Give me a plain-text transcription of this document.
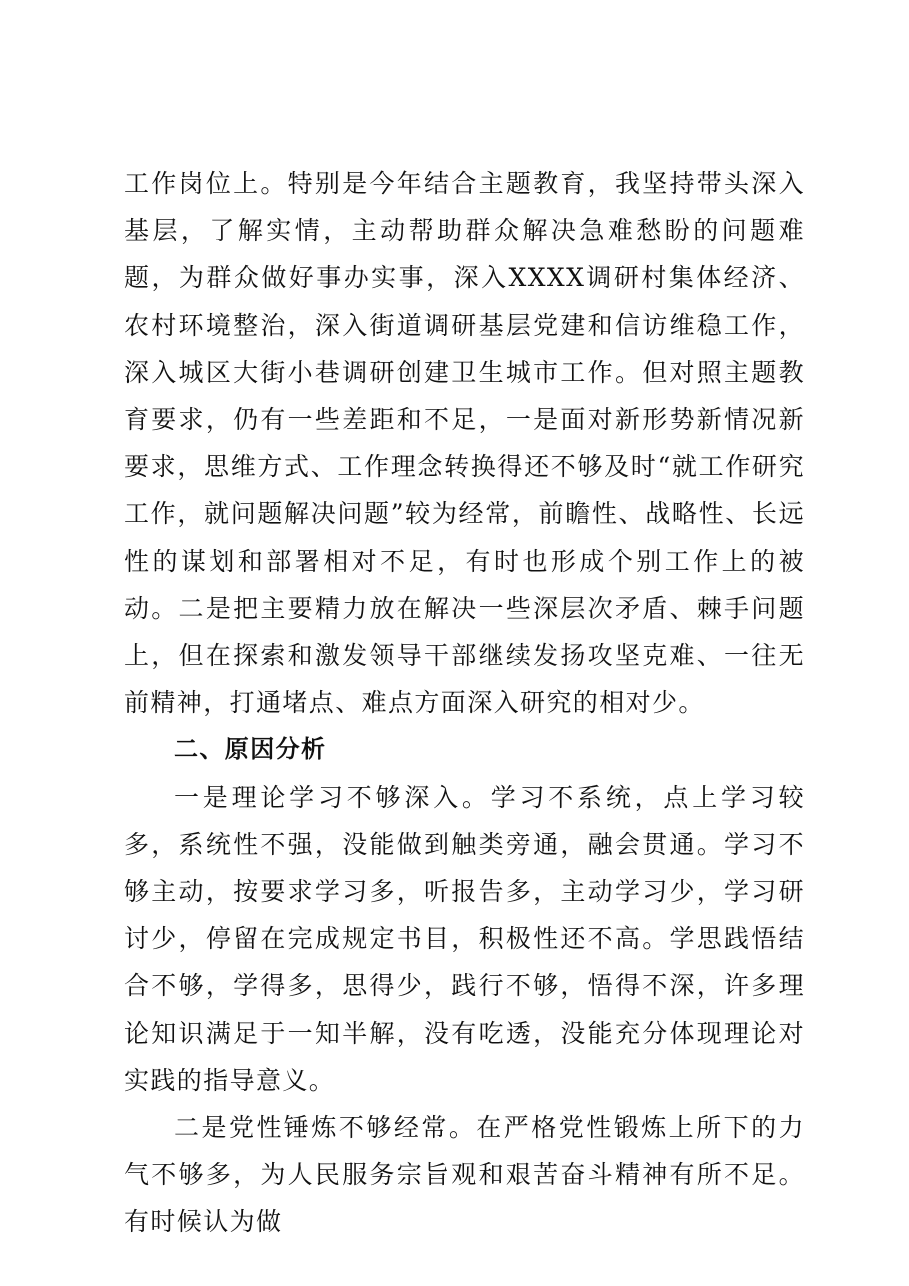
工作岗位上。特别是今年结合主题教育，我坚持带头深入基层，了解实情，主动帮助群众解决急难愁盼的问题难题，为群众做好事办实事，深入XXXX调研村集体经济、农村环境整治，深入街道调研基层党建和信访维稳工作，深入城区大街小巷调研创建卫生城市工作。但对照主题教育要求，仍有一些差距和不足，一是面对新形势新情况新要求，思维方式、工作理念转换得还不够及时“就工作研究工作，就问题解决问题”较为经常，前瞻性、战略性、长远性的谋划和部署相对不足，有时也形成个别工作上的被动。二是把主要精力放在解决一些深层次矛盾、棘手问题上，但在探索和激发领导干部继续发扬攻坚克难、一往无前精神，打通堵点、难点方面深入研究的相对少。

二、原因分析

一是理论学习不够深入。学习不系统，点上学习较多，系统性不强，没能做到触类旁通，融会贯通。学习不够主动，按要求学习多，听报告多，主动学习少，学习研讨少，停留在完成规定书目，积极性还不高。学思践悟结合不够，学得多，思得少，践行不够，悟得不深，许多理论知识满足于一知半解，没有吃透，没能充分体现理论对实践的指导意义。

二是党性锤炼不够经常。在严格党性锻炼上所下的力气不够多，为人民服务宗旨观和艰苦奋斗精神有所不足。有时候认为做
